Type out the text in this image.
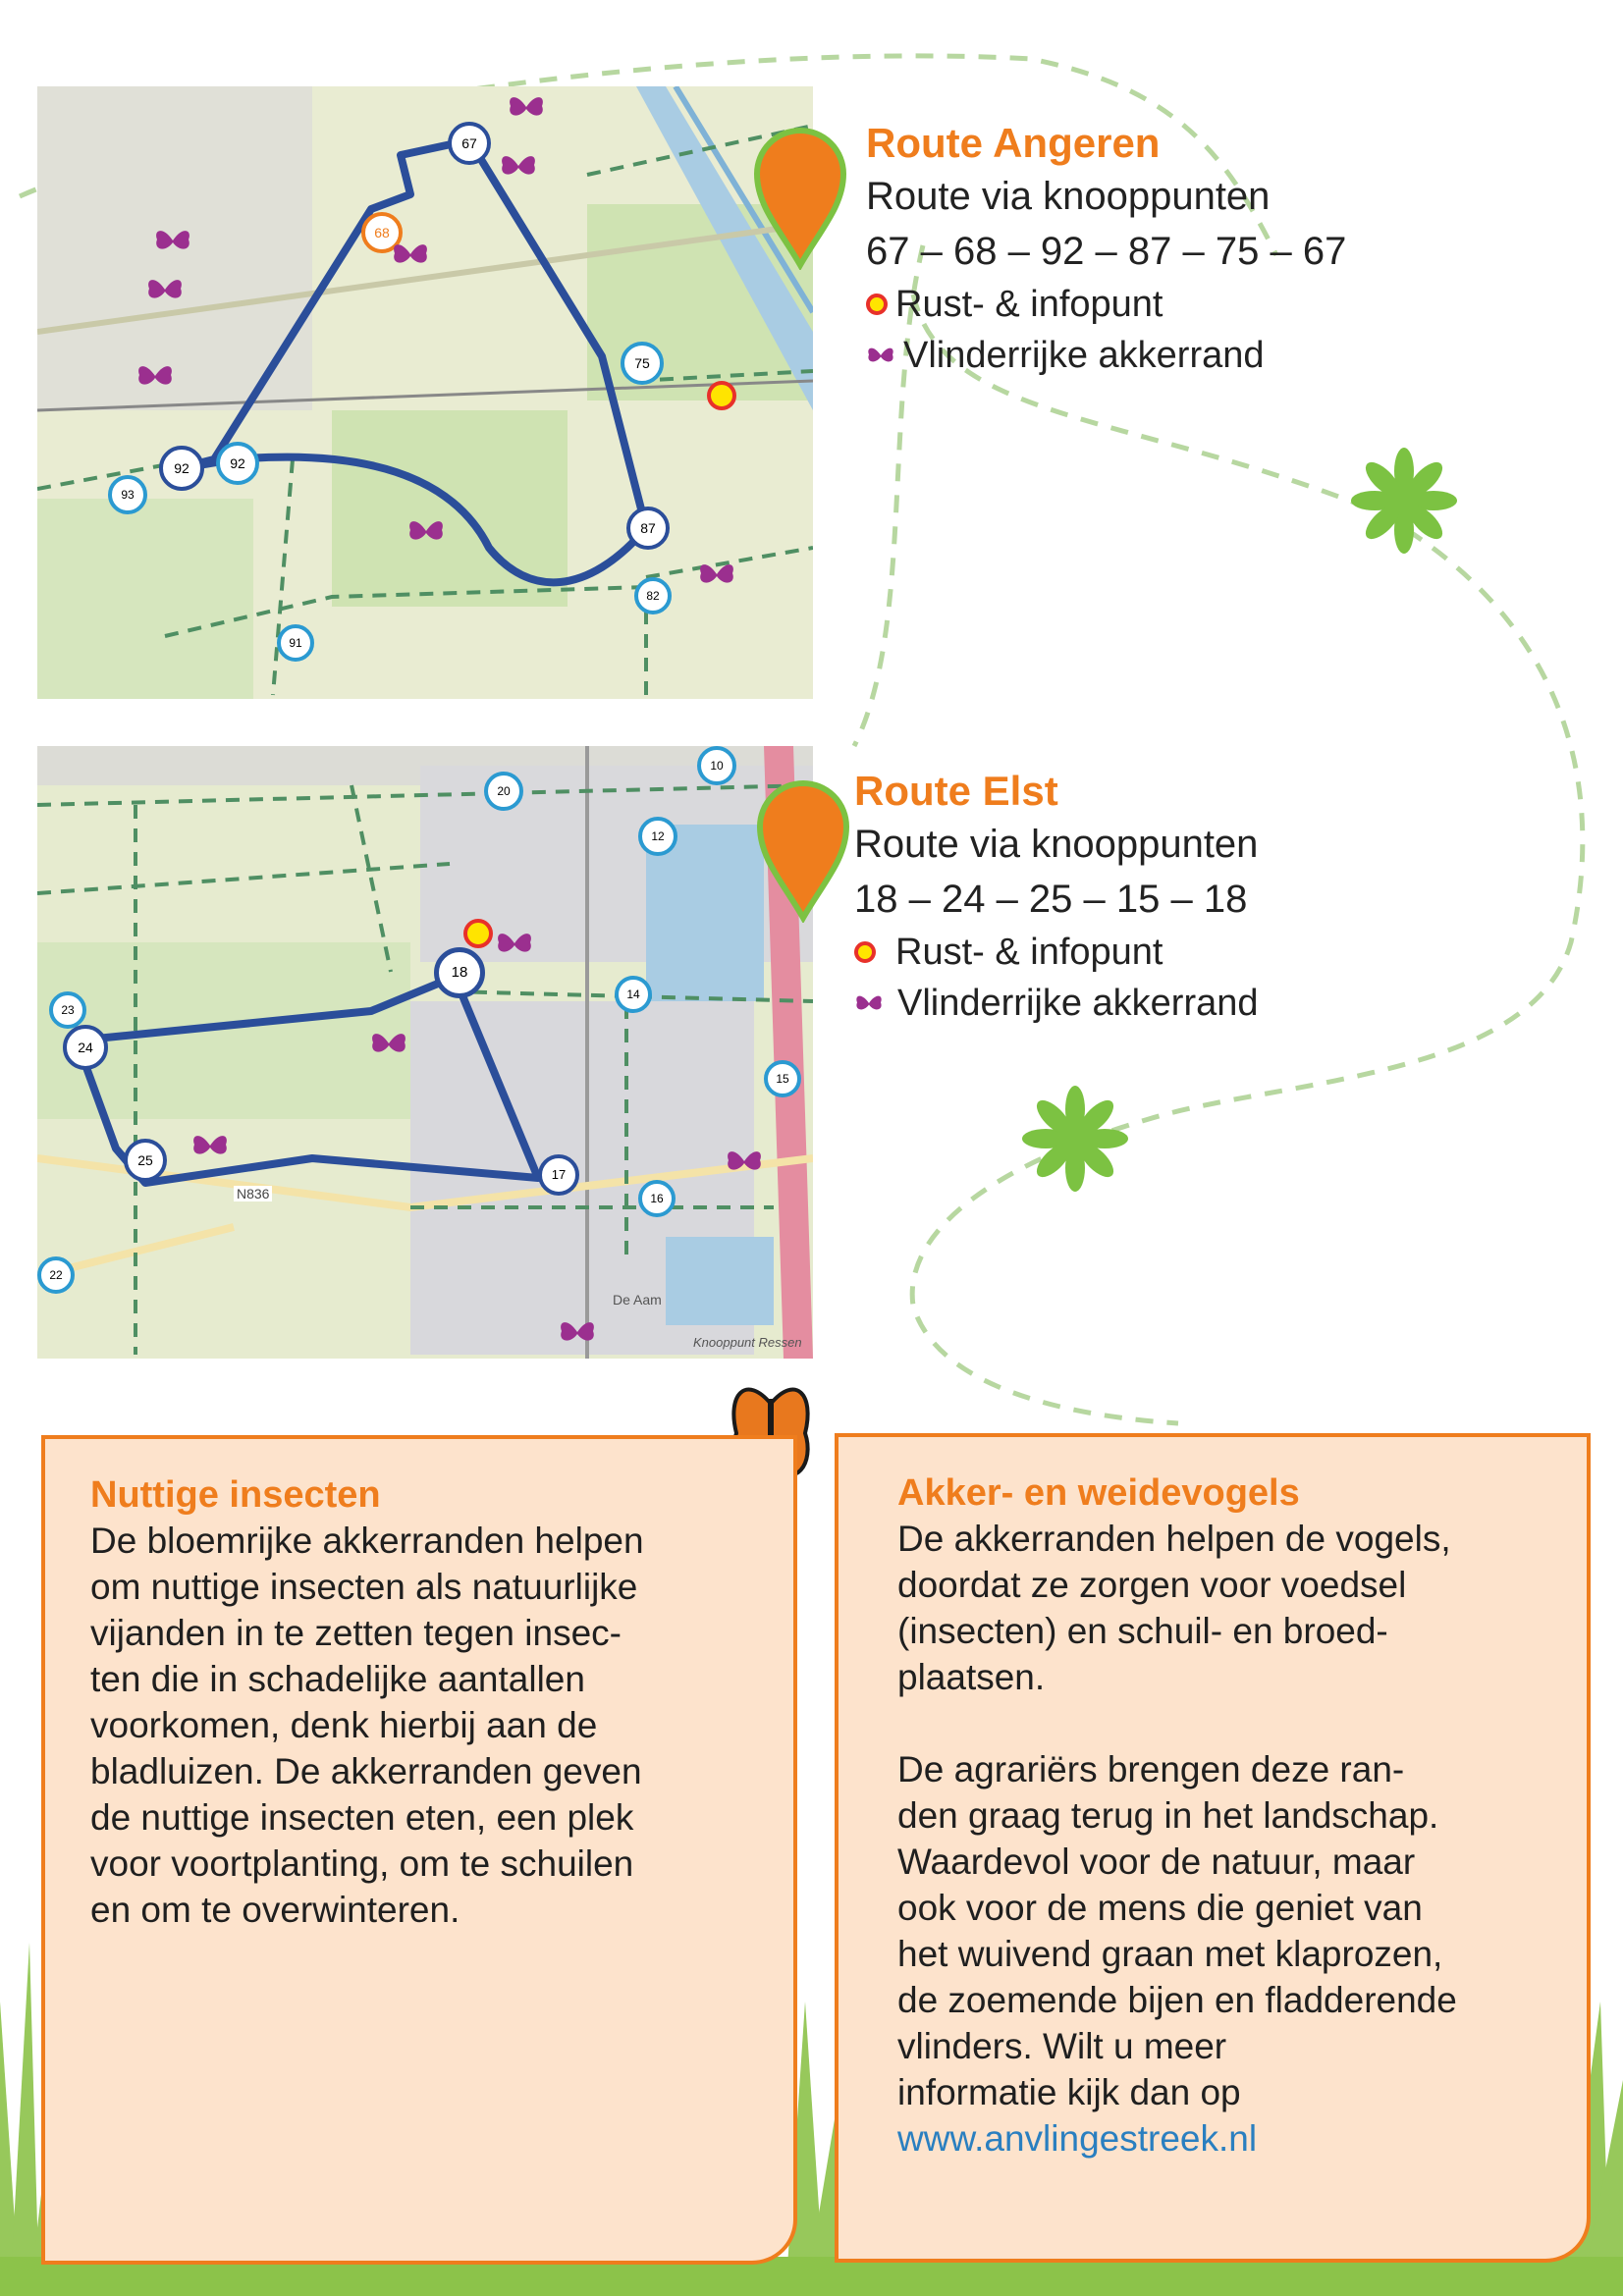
67
68
75
92	92
87
93
82
91
Route Angeren
Route via knooppunten
67 – 68 – 92 – 87 – 75 – 67
Rust- & infopunt
Vlinderrijke akkerrand
20
10
12
18
14
23
24
15
25
17
16
22
N836
De Aam
Knooppunt Ressen
Route Elst
Route via knooppunten
18 – 24 – 25 – 15 – 18
Rust- & infopunt
Vlinderrijke akkerrand
Nuttige insecten

De bloemrijke akkerranden helpen

om nuttige insecten als natuurlijke

vijanden in te zetten tegen insec-

ten die in schadelijke aantallen

voorkomen, denk hierbij aan de

bladluizen. De akkerranden geven

de nuttige insecten eten, een plek

voor voortplanting, om te schuilen

en om te overwinteren.

Akker- en weidevogels

De akkerranden helpen de vogels,

doordat ze zorgen voor voedsel

(insecten) en schuil- en broed-

plaatsen.

De agrariërs brengen deze ran-

den graag terug in het landschap.

Waardevol voor de natuur, maar

ook voor de mens die geniet van

het wuivend graan met klaprozen,

de zoemende bijen en fladderende

vlinders. Wilt u meer

informatie kijk dan op

www.anvlingestreek.nl
